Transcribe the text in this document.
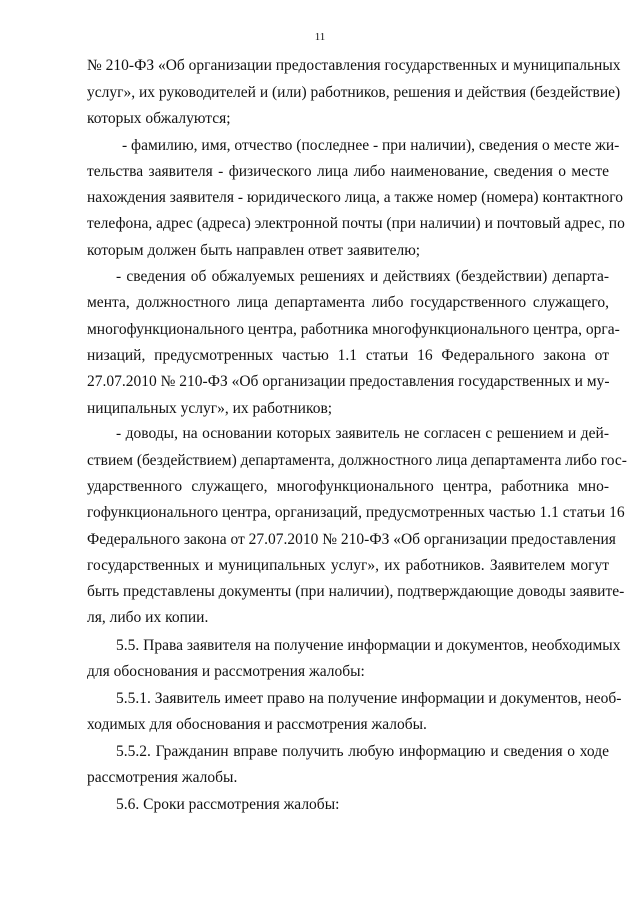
11
№ 210-ФЗ «Об организации предоставления государственных и муниципальных
услуг», их руководителей и (или) работников, решения и действия (бездействие)
которых обжалуются;
- фамилию, имя, отчество (последнее - при наличии), сведения о месте жи-
тельства заявителя - физического лица либо наименование, сведения о месте
нахождения заявителя - юридического лица, а также номер (номера) контактного
телефона, адрес (адреса) электронной почты (при наличии) и почтовый адрес, по
которым должен быть направлен ответ заявителю;
- сведения об обжалуемых решениях и действиях (бездействии) департа-
мента, должностного лица департамента либо государственного служащего,
многофункционального центра, работника многофункционального центра, орга-
низаций, предусмотренных частью 1.1 статьи 16 Федерального закона от
27.07.2010 № 210-ФЗ «Об организации предоставления государственных и му-
ниципальных услуг», их работников;
- доводы, на основании которых заявитель не согласен с решением и дей-
ствием (бездействием) департамента, должностного лица департамента либо гос-
ударственного служащего, многофункционального центра, работника мно-
гофункционального центра, организаций, предусмотренных частью 1.1 статьи 16
Федерального закона от 27.07.2010 № 210-ФЗ «Об организации предоставления
государственных и муниципальных услуг», их работников. Заявителем могут
быть представлены документы (при наличии), подтверждающие доводы заявите-
ля, либо их копии.
5.5. Права заявителя на получение информации и документов, необходимых
для обоснования и рассмотрения жалобы:
5.5.1. Заявитель имеет право на получение информации и документов, необ-
ходимых для обоснования и рассмотрения жалобы.
5.5.2. Гражданин вправе получить любую информацию и сведения о ходе
рассмотрения жалобы.
5.6. Сроки рассмотрения жалобы:
